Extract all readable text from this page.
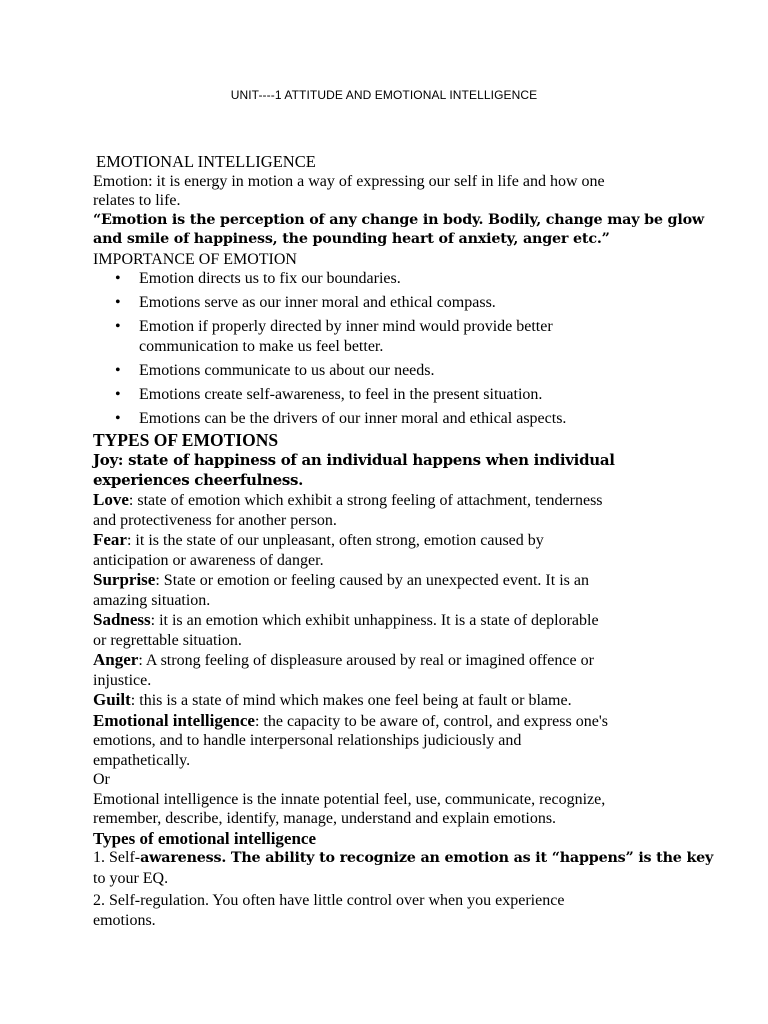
UNIT----1 ATTITUDE AND EMOTIONAL INTELLIGENCE
EMOTIONAL INTELLIGENCE
Emotion: it is energy in motion a way of expressing our self in life and how one
relates to life.
“Emotion is the perception of any change in body. Bodily, change may be glow
and smile of happiness, the pounding heart of anxiety, anger etc.”
IMPORTANCE OF EMOTION
• Emotion directs us to fix our boundaries.
• Emotions serve as our inner moral and ethical compass.
• Emotion if properly directed by inner mind would provide better
communication to make us feel better.
• Emotions communicate to us about our needs.
• Emotions create self-awareness, to feel in the present situation.
• Emotions can be the drivers of our inner moral and ethical aspects.
TYPES OF EMOTIONS
Joy: state of happiness of an individual happens when individual
experiences cheerfulness.
Love: state of emotion which exhibit a strong feeling of attachment, tenderness
and protectiveness for another person.
Fear: it is the state of our unpleasant, often strong, emotion caused by
anticipation or awareness of danger.
Surprise: State or emotion or feeling caused by an unexpected event. It is an
amazing situation.
Sadness: it is an emotion which exhibit unhappiness. It is a state of deplorable
or regrettable situation.
Anger: A strong feeling of displeasure aroused by real or imagined offence or
injustice.
Guilt: this is a state of mind which makes one feel being at fault or blame.
Emotional intelligence: the capacity to be aware of, control, and express one's
emotions, and to handle interpersonal relationships judiciously and
empathetically.
Or
Emotional intelligence is the innate potential feel, use, communicate, recognize,
remember, describe, identify, manage, understand and explain emotions.
Types of emotional intelligence
1. Self-awareness. The ability to recognize an emotion as it “happens” is the key
to your EQ.
2. Self-regulation. You often have little control over when you experience
emotions.
